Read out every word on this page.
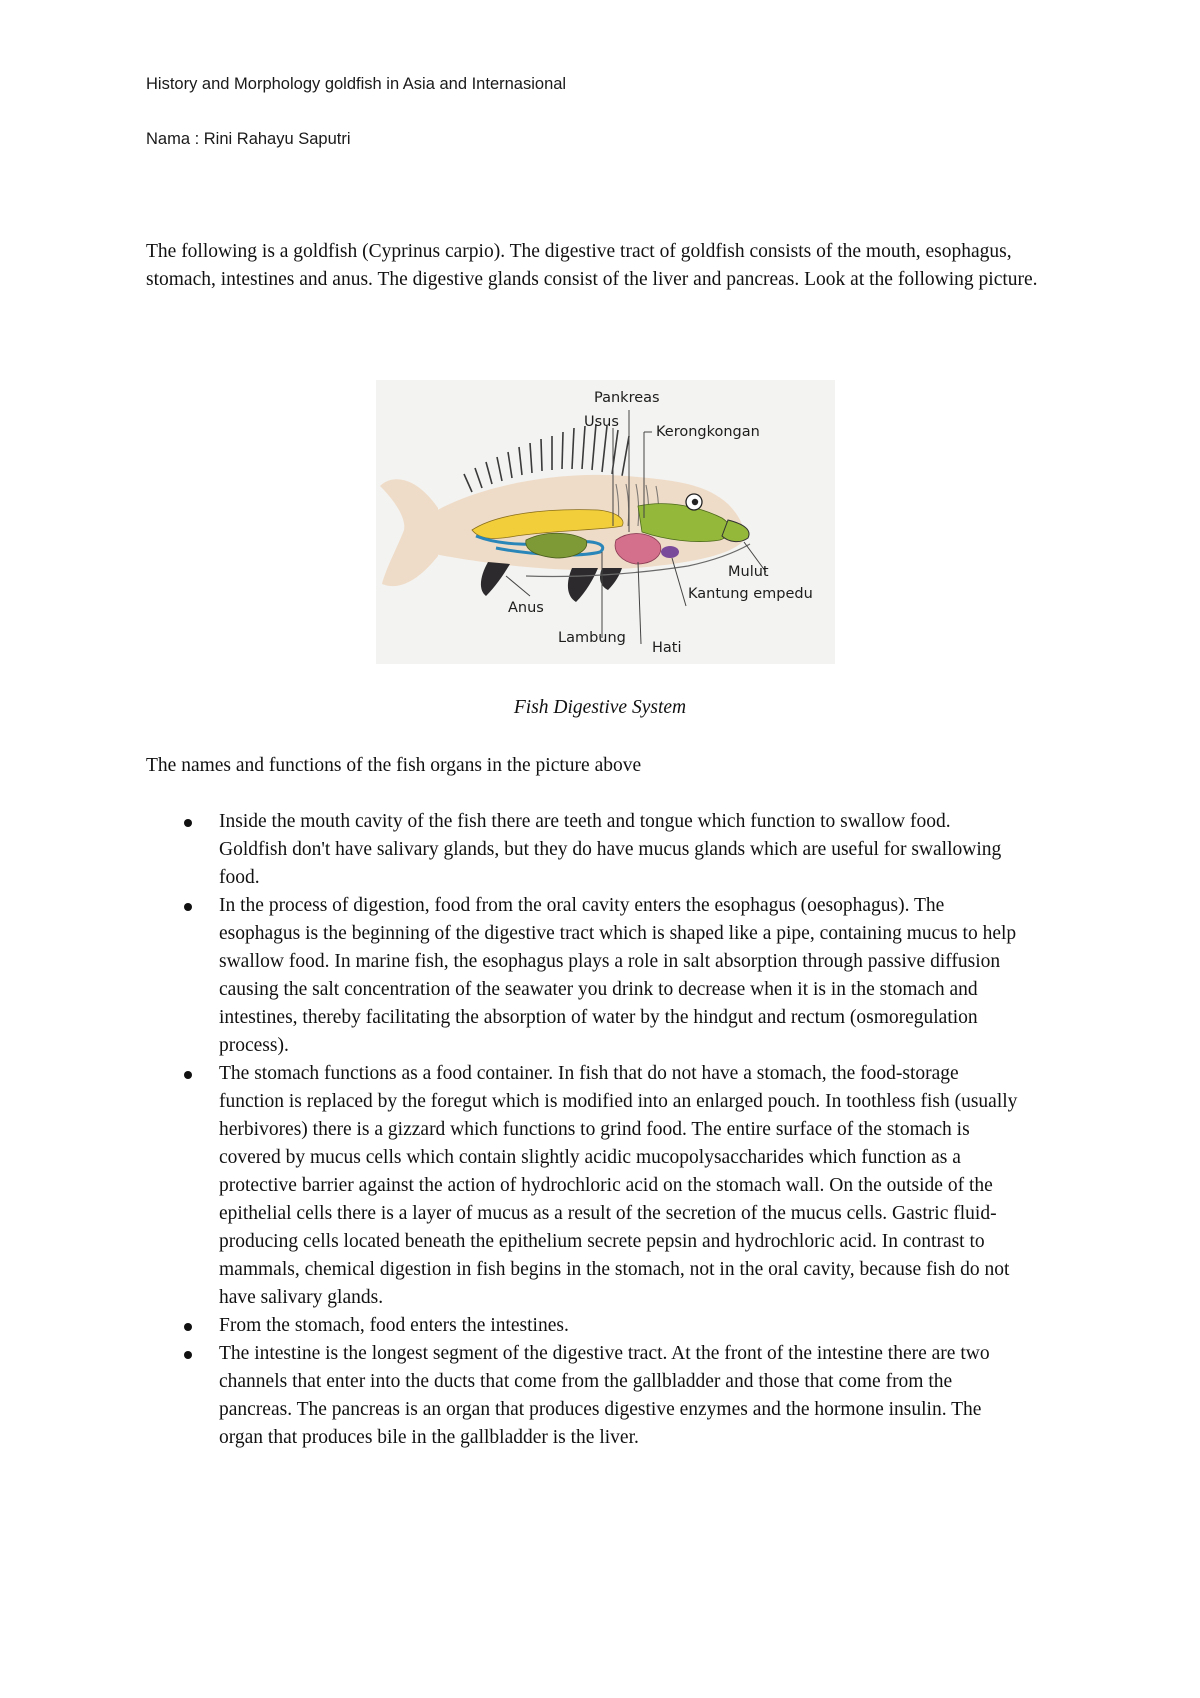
History and Morphology goldfish in Asia and Internasional
Nama : Rini Rahayu Saputri

The following is a goldfish (Cyprinus carpio). The digestive tract of goldfish consists of the mouth, esophagus, stomach, intestines and anus. The digestive glands consist of the liver and pancreas. Look at the following picture.

Pankreas
Usus
Kerongkongan
Mulut
Kantung empedu
Anus
Lambung
Hati

Fish Digestive System

The names and functions of the fish organs in the picture above

Inside the mouth cavity of the fish there are teeth and tongue which function to swallow food. Goldfish don't have salivary glands, but they do have mucus glands which are useful for swallowing food.
In the process of digestion, food from the oral cavity enters the esophagus (oesophagus). The esophagus is the beginning of the digestive tract which is shaped like a pipe, containing mucus to help swallow food. In marine fish, the esophagus plays a role in salt absorption through passive diffusion causing the salt concentration of the seawater you drink to decrease when it is in the stomach and intestines, thereby facilitating the absorption of water by the hindgut and rectum (osmoregulation process).
The stomach functions as a food container. In fish that do not have a stomach, the food-storage function is replaced by the foregut which is modified into an enlarged pouch. In toothless fish (usually herbivores) there is a gizzard which functions to grind food. The entire surface of the stomach is covered by mucus cells which contain slightly acidic mucopolysaccharides which function as a protective barrier against the action of hydrochloric acid on the stomach wall. On the outside of the epithelial cells there is a layer of mucus as a result of the secretion of the mucus cells. Gastric fluid-producing cells located beneath the epithelium secrete pepsin and hydrochloric acid. In contrast to mammals, chemical digestion in fish begins in the stomach, not in the oral cavity, because fish do not have salivary glands.
From the stomach, food enters the intestines.
The intestine is the longest segment of the digestive tract. At the front of the intestine there are two channels that enter into the ducts that come from the gallbladder and those that come from the pancreas. The pancreas is an organ that produces digestive enzymes and the hormone insulin. The organ that produces bile in the gallbladder is the liver.
